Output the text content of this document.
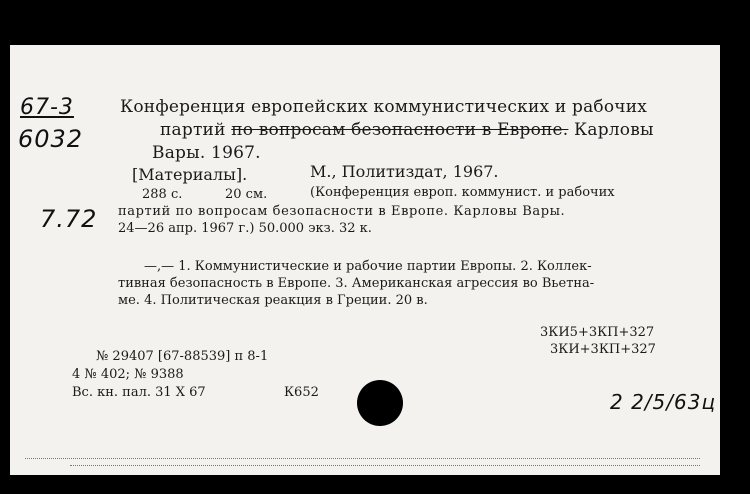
67-3
6032
7.72
Конференция европейских коммунистических и рабочих
партий по вопросам безопасности в Европе. Карловы
Вары. 1967.
[Материалы].	М., Политиздат, 1967.
288 с.	20 см.	(Конференция европ. коммунист. и рабочих
партий по вопросам безопасности в Европе. Карловы Вары.
24—26 апр. 1967 г.) 50.000 экз. 32 к.
—,— 1. Коммунистические и рабочие партии Европы. 2. Коллек-
тивная безопасность в Европе. 3. Американская агрессия во Вьетна-
ме. 4. Политическая реакция в Греции. 20 в.
3КИ5+3КП+327
3КИ+3КП+327
№ 29407 [67-88539] п 8-1
4 № 402; № 9388
Вс. кн. пал. 31 X 67	К652	2 2/5/63ц
